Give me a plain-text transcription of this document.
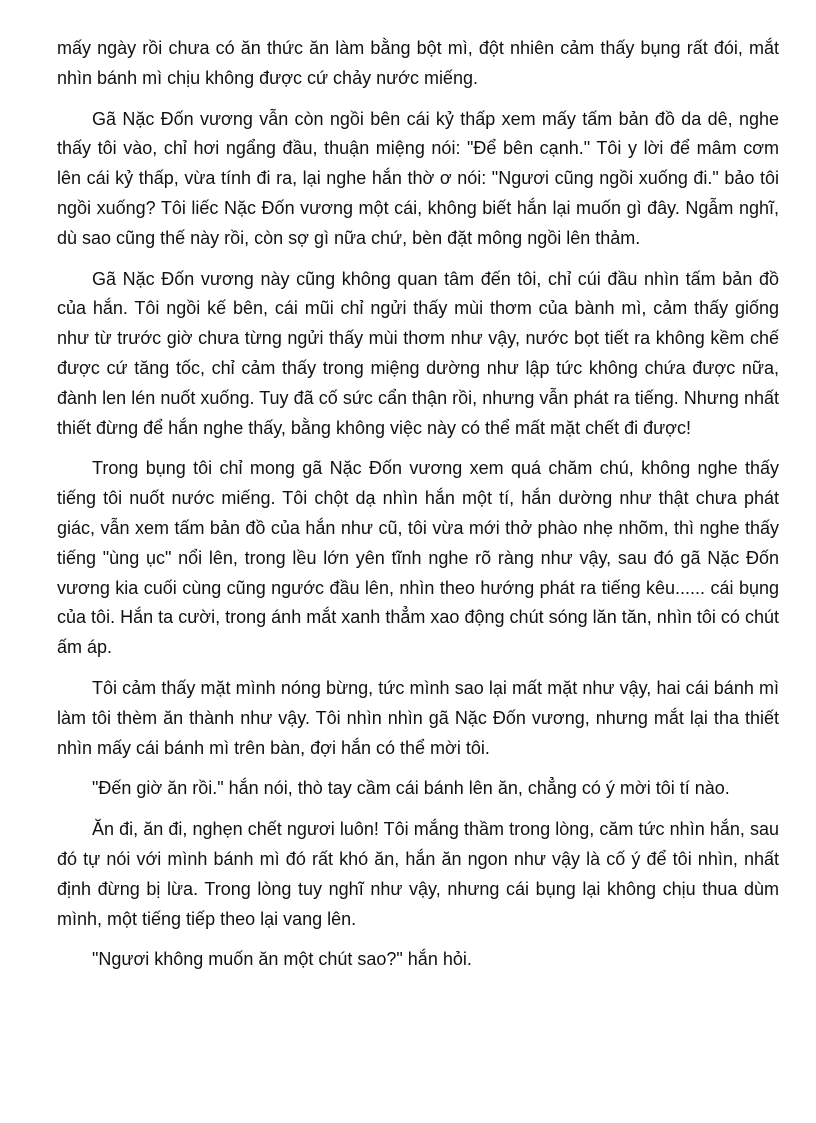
mấy ngày rồi chưa có ăn thức ăn làm bằng bột mì, đột nhiên cảm thấy bụng rất đói, mắt nhìn bánh mì chịu không được cứ chảy nước miếng.

Gã Nặc Đốn vương vẫn còn ngồi bên cái kỷ thấp xem mấy tấm bản đồ da dê, nghe thấy tôi vào, chỉ hơi ngẩng đầu, thuận miệng nói: "Để bên cạnh." Tôi y lời để mâm cơm lên cái kỷ thấp, vừa tính đi ra, lại nghe hắn thờ ơ nói: "Ngươi cũng ngồi xuống đi." bảo tôi ngồi xuống? Tôi liếc Nặc Đốn vương một cái, không biết hắn lại muốn gì đây. Ngẫm nghĩ, dù sao cũng thế này rồi, còn sợ gì nữa chứ, bèn đặt mông ngồi lên thảm.

Gã Nặc Đốn vương này cũng không quan tâm đến tôi, chỉ cúi đầu nhìn tấm bản đồ của hắn. Tôi ngồi kế bên, cái mũi chỉ ngửi thấy mùi thơm của bành mì, cảm thấy giống như từ trước giờ chưa từng ngửi thấy mùi thơm như vậy, nước bọt tiết ra không kềm chế được cứ tăng tốc, chỉ cảm thấy trong miệng dường như lập tức không chứa được nữa, đành len lén nuốt xuống. Tuy đã cố sức cẩn thận rồi, nhưng vẫn phát ra tiếng. Nhưng nhất thiết đừng để hắn nghe thấy, bằng không việc này có thể mất mặt chết đi được!

Trong bụng tôi chỉ mong gã Nặc Đốn vương xem quá chăm chú, không nghe thấy tiếng tôi nuốt nước miếng. Tôi chột dạ nhìn hắn một tí, hắn dường như thật chưa phát giác, vẫn xem tấm bản đồ của hắn như cũ, tôi vừa mới thở phào nhẹ nhõm, thì nghe thấy tiếng "ùng ục" nổi lên, trong lều lớn yên tĩnh nghe rõ ràng như vậy, sau đó gã Nặc Đốn vương kia cuối cùng cũng ngước đầu lên, nhìn theo hướng phát ra tiếng kêu...... cái bụng của tôi. Hắn ta cười, trong ánh mắt xanh thẳm xao động chút sóng lăn tăn, nhìn tôi có chút ấm áp.

Tôi cảm thấy mặt mình nóng bừng, tức mình sao lại mất mặt như vậy, hai cái bánh mì làm tôi thèm ăn thành như vậy. Tôi nhìn nhìn gã Nặc Đốn vương, nhưng mắt lại tha thiết nhìn mấy cái bánh mì trên bàn, đợi hắn có thể mời tôi.

"Đến giờ ăn rồi." hắn nói, thò tay cầm cái bánh lên ăn, chẳng có ý mời tôi tí nào.

Ăn đi, ăn đi, nghẹn chết ngươi luôn! Tôi mắng thầm trong lòng, căm tức nhìn hắn, sau đó tự nói với mình bánh mì đó rất khó ăn, hắn ăn ngon như vậy là cố ý để tôi nhìn, nhất định đừng bị lừa. Trong lòng tuy nghĩ như vậy, nhưng cái bụng lại không chịu thua dùm mình, một tiếng tiếp theo lại vang lên.

"Ngươi không muốn ăn một chút sao?" hắn hỏi.
